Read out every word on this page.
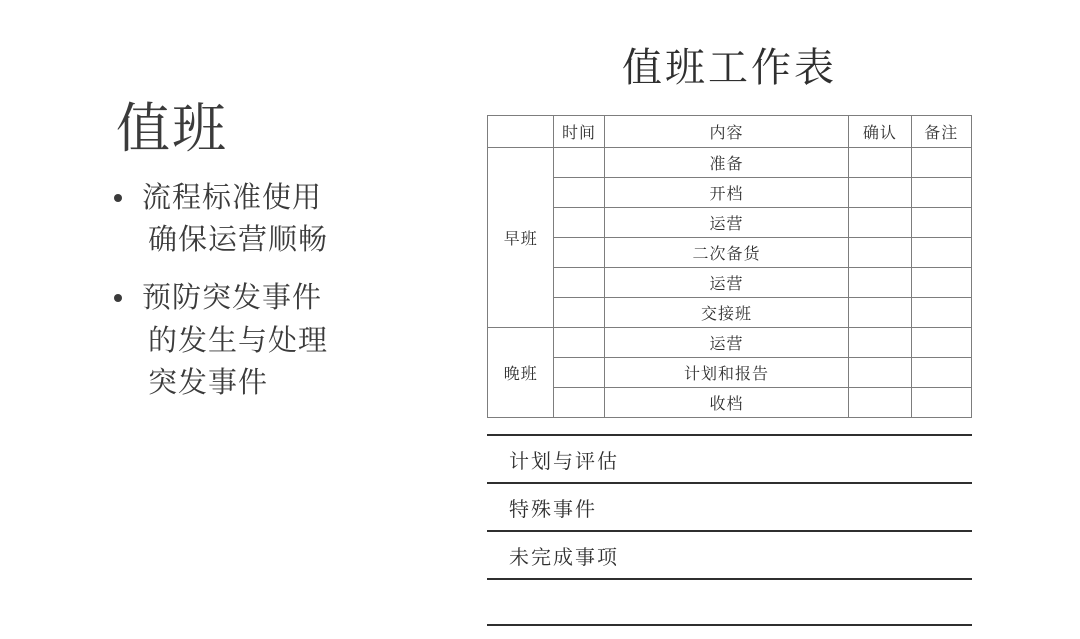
值班
流程标准使用
确保运营顺畅
预防突发事件
的发生与处理
突发事件
值班工作表
	时间	内容	确认	备注
早班		准备		
		开档		
		运营		
		二次备货		
		运营		
		交接班		
晚班		运营		
		计划和报告		
		收档		
计划与评估
特殊事件
未完成事项
